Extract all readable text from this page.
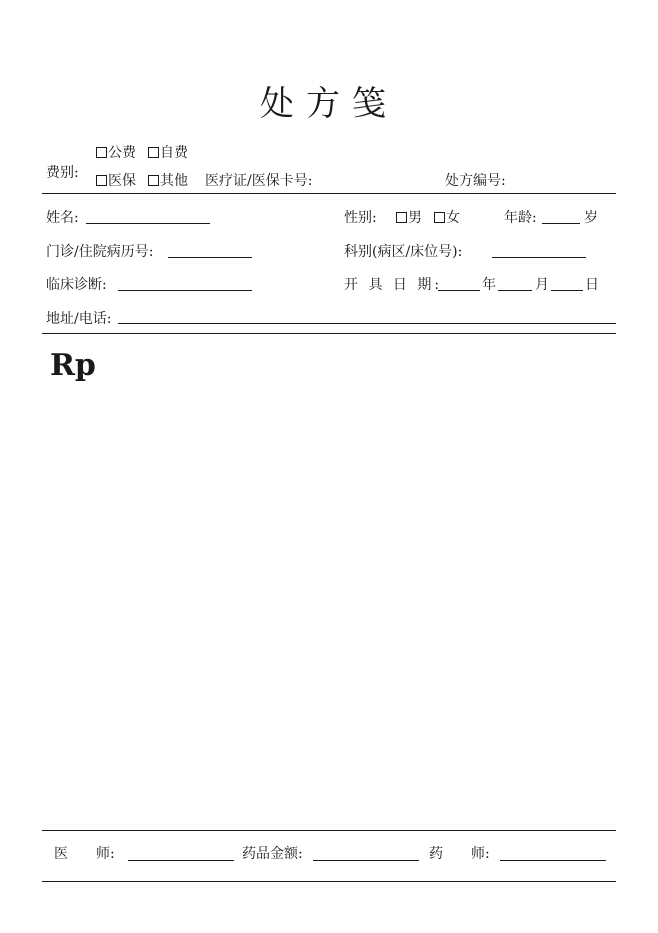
处方笺
费别:
公费	自费
医保	其他 医疗证/医保卡号:	处方编号:
姓名:	性别:	男	女	年龄:	岁
门诊/住院病历号:	科别(病区/床位号):
临床诊断:	开 具 日 期:	年	月	日
地址/电话:
Rp
医　　师:	药品金额:	药　　师:
